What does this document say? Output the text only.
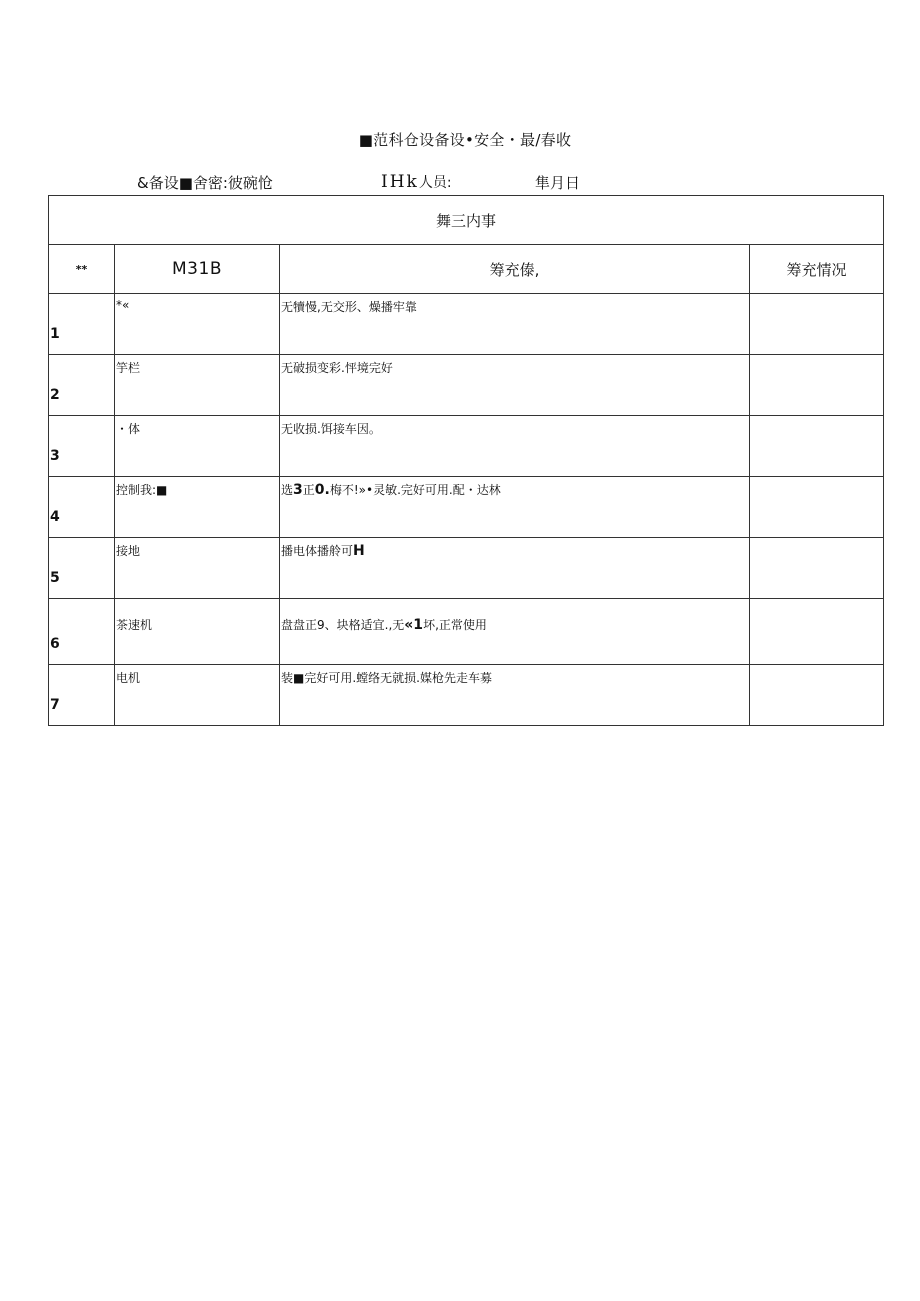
■范科仓设备设•安全・最/春收
&备设■舍密:彼碗怆	IHk人员:	隼月日
舞三内事			
**	M31B	筹充傣,	筹充情况
1	*«	无犢慢,无交形、燥播牢靠	
2	竽栏	无破损变彩.怦境完好	
3	・体	无收损.饵接车因。	
4	控制我:■	选3正0.梅不!»•灵敏.完好可用.配・达林	
5	接地	播电体播舲可H	
6	茶速机	盘盘正9、块格适宜.,无«1坏,正常使用	
7	电机	装■完好可用.螳络无就损.媒枪先走车募	
